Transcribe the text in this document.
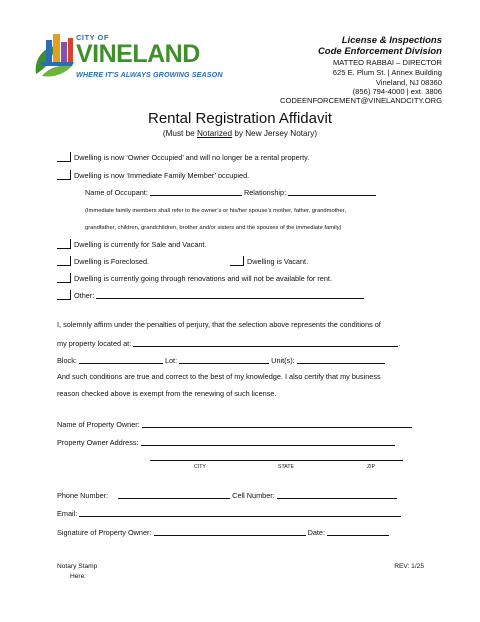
CITY OF
VINELAND
WHERE IT'S ALWAYS GROWING SEASON
License & Inspections
Code Enforcement Division
MATTEO RABBAI – DIRECTOR
625 E. Plum St. | Annex Building
Vineland, NJ 08360
(856) 794-4000 | ext. 3806
CODEENFORCEMENT@VINELANDCITY.ORG
Rental Registration Affidavit
(Must be Notarized by New Jersey Notary)
Dwelling is now ‘Owner Occupied’ and will no longer be a rental property.
Dwelling is now ‘Immediate Family Member’ occupied.
Name of Occupant:	Relationship:
(Immediate family members shall refer to the owner’s or his/her spouse’s mother, father, grandmother,
grandfather, children, grandchildren, brother and/or sisters and the spouses of the immediate family)
Dwelling is currently for Sale and Vacant.
Dwelling is Foreclosed.	Dwelling is Vacant.
Dwelling is currently going through renovations and will not be available for rent.
Other:
I, solemnly affirm under the penalties of perjury, that the selection above represents the conditions of
my property located at:	.
Block:	Lot:	Unit(s):
And such conditions are true and correct to the best of my knowledge. I also certify that my business
reason checked above is exempt from the renewing of such license.
Name of Property Owner:
Property Owner Address:
CITY	STATE	ZIP
Phone Number:	Cell Number:
Email:
Signature of Property Owner:	Date:
Notary Stamp
Here:
REV: 1/25
